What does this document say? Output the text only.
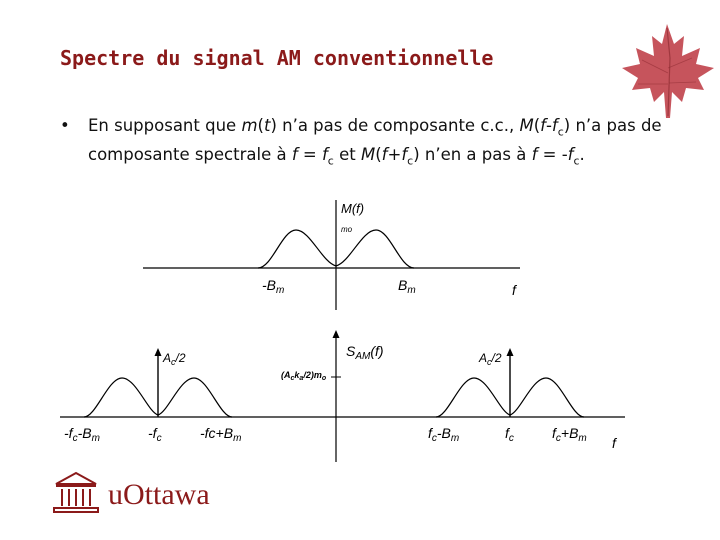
Spectre du signal AM conventionnelle
• En supposant que m(t) n’a pas de composante c.c., $M(f-f_c)$ n’a pas de composante spectrale à $f = f_c$ et $M(f+f_c)$ n’en a pas à $f = -f_c$.
M(f)
mo
$-B_m$	$B_m$	f
$S_{AM}(f)$
$A_c/2$	$A_c/2$
$(A_ck_a/2)m_o$
$-f_c-B_m$	$-f_c$	$-fc+B_m$	$f_c-B_m$	$f_c$	$f_c+B_m$ f
uOttawa
